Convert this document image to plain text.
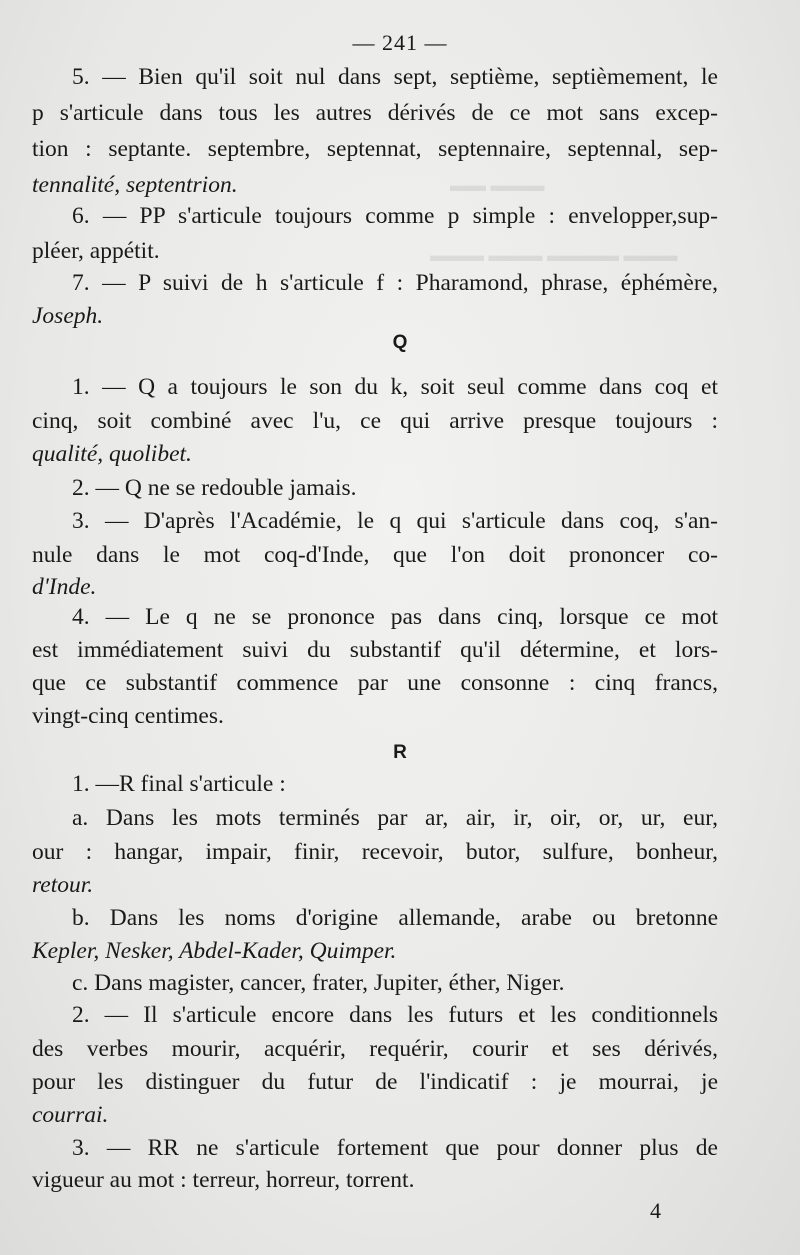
▬▬ ▬▬▬
▬▬▬ ▬▬▬ ▬▬▬▬ ▬▬▬
— 241 —
5. — Bien qu'il soit nul dans sept, septième, septièmement, le
p s'articule dans tous les autres dérivés de ce mot sans excep-
tion : septante. septembre, septennat, septennaire, septennal, sep-
tennalité, septentrion.
6. — PP s'articule toujours comme p simple : envelopper,sup-
pléer, appétit.
7. — P suivi de h s'articule f : Pharamond, phrase, éphémère,
Joseph.
Q
1. — Q a toujours le son du k, soit seul comme dans coq et
cinq, soit combiné avec l'u, ce qui arrive presque toujours :
qualité, quolibet.
2. — Q ne se redouble jamais.
3. — D'après l'Académie, le q qui s'articule dans coq, s'an-
nule dans le mot coq-d'Inde, que l'on doit prononcer co-
d'Inde.
4. — Le q ne se prononce pas dans cinq, lorsque ce mot
est immédiatement suivi du substantif qu'il détermine, et lors-
que ce substantif commence par une consonne : cinq francs,
vingt-cinq centimes.
R
1. —R final s'articule :
a. Dans les mots terminés par ar, air, ir, oir, or, ur, eur,
our : hangar, impair, finir, recevoir, butor, sulfure, bonheur,
retour.
b. Dans les noms d'origine allemande, arabe ou bretonne
Kepler, Nesker, Abdel-Kader, Quimper.
c. Dans magister, cancer, frater, Jupiter, éther, Niger.
2. — Il s'articule encore dans les futurs et les conditionnels
des verbes mourir, acquérir, requérir, courir et ses dérivés,
pour les distinguer du futur de l'indicatif : je mourrai, je
courrai.
3. — RR ne s'articule fortement que pour donner plus de
vigueur au mot : terreur, horreur, torrent.
4
